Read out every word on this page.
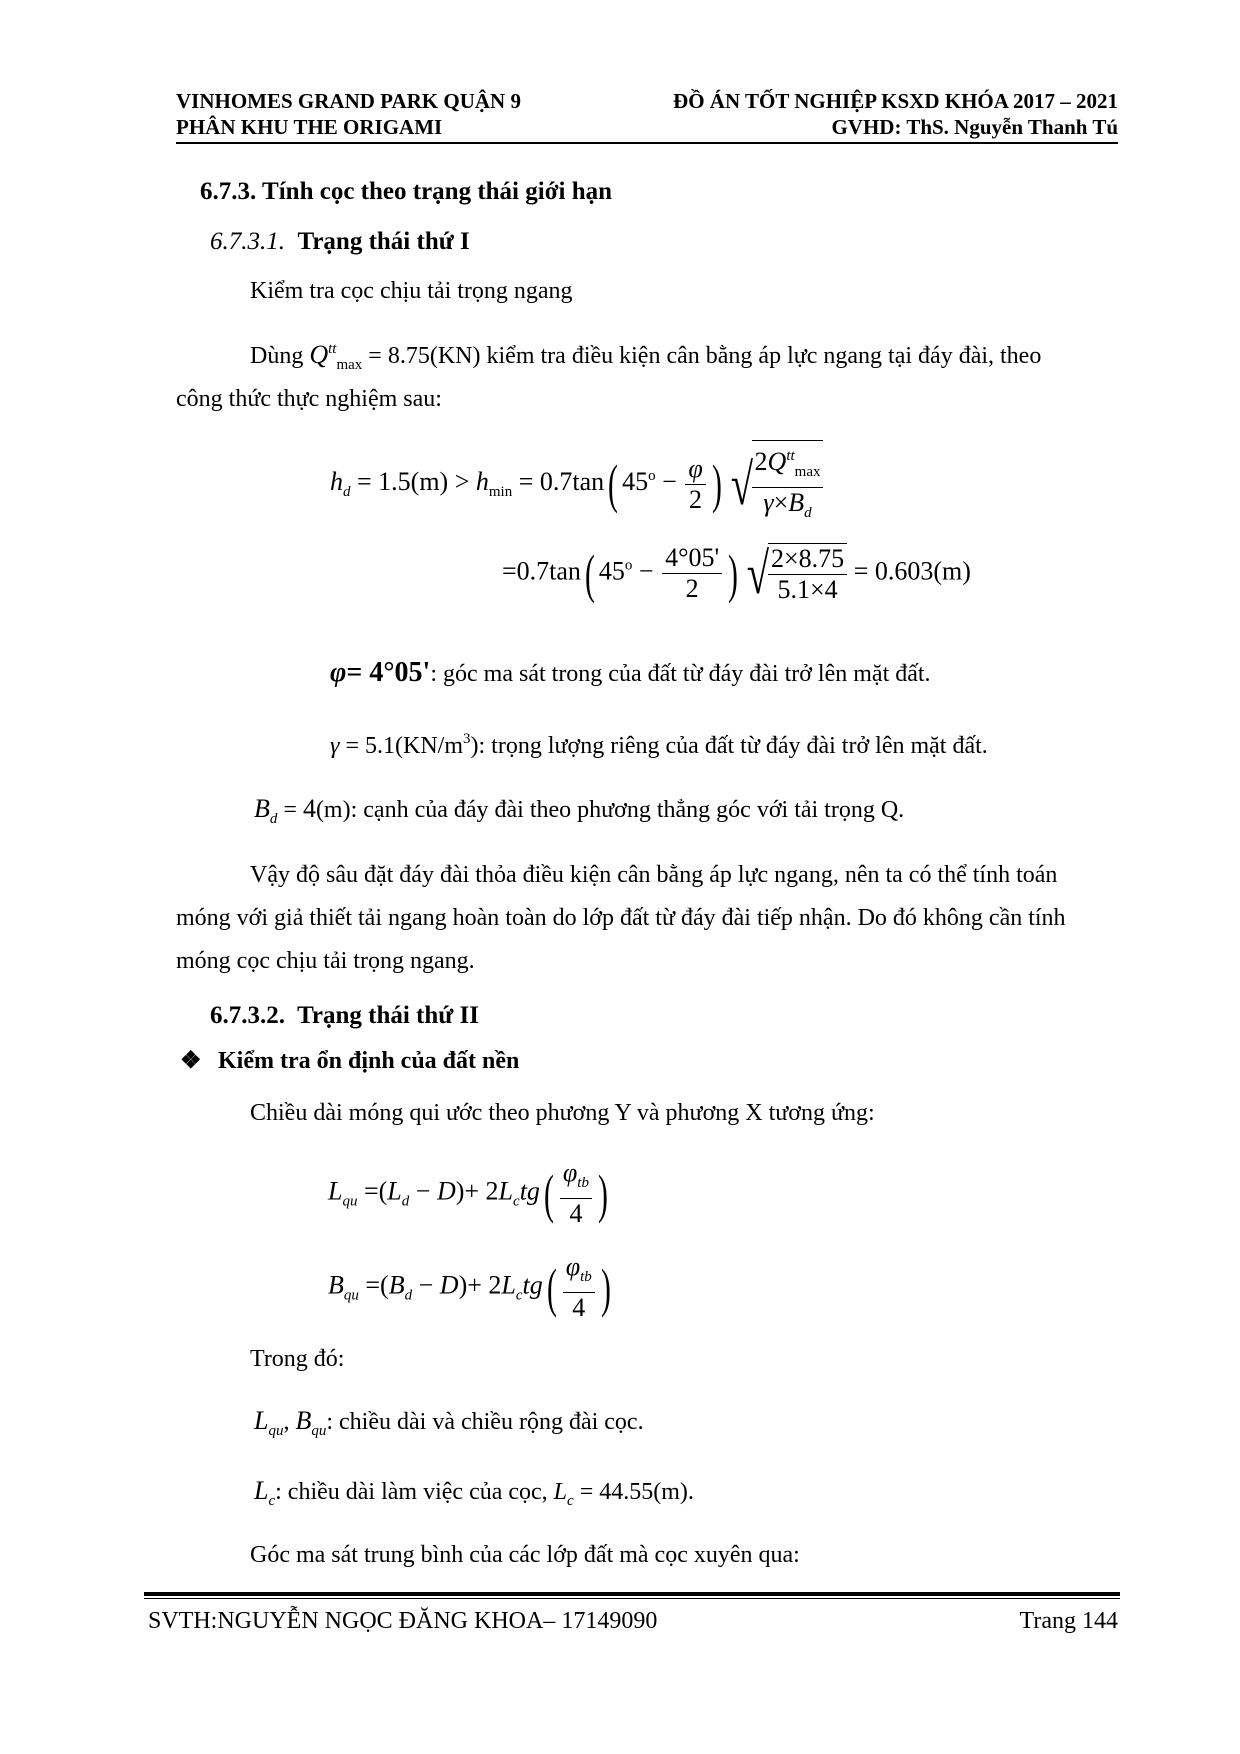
VINHOMES GRAND PARK QUẬN 9
PHÂN KHU THE ORIGAMI
ĐỒ ÁN TỐT NGHIỆP KSXD KHÓA 2017 – 2021
GVHD: ThS. Nguyễn Thanh Tú
6.7.3. Tính cọc theo trạng thái giới hạn
6.7.3.1. Trạng thái thứ I
Kiểm tra cọc chịu tải trọng ngang
Dùng $Q^{tt}_{max} = 8.75(KN)$ kiểm tra điều kiện cân bằng áp lực ngang tại đáy đài, theo
công thức thực nghiệm sau:
$h_d = 1.5(m) > h_{min} = 0.7\tan$( $45^o - \frac{\varphi}{2}$ ) √
$\frac{2Q^{tt}_{max}}{\gamma\times B_d}$
=0.7tan( $45^o - \frac{4^\circ 05'}{2}$ ) √
$\frac{2\times 8.75}{5.1\times 4} = 0.603(m)$
φ= 4°05': góc ma sát trong của đất từ đáy đài trở lên mặt đất.
$\gamma = 5.1(KN/m^3)$: trọng lượng riêng của đất từ đáy đài trở lên mặt đất.
$B_d = 4(m)$: cạnh của đáy đài theo phương thẳng góc với tải trọng Q.
Vậy độ sâu đặt đáy đài thỏa điều kiện cân bằng áp lực ngang, nên ta có thể tính toán
móng với giả thiết tải ngang hoàn toàn do lớp đất từ đáy đài tiếp nhận. Do đó không cần tính
móng cọc chịu tải trọng ngang.
6.7.3.2. Trạng thái thứ II
❖ Kiểm tra ổn định của đất nền
Chiều dài móng qui ước theo phương Y và phương X tương ứng:
$L_{qu} =(L_d - D)+ 2L_ctg( \frac{\varphi_{tb}}{4}$ )
$B_{qu} =(B_d - D)+ 2L_ctg( \frac{\varphi_{tb}}{4}$ )
Trong đó:
$L_{qu}$, $B_{qu}$: chiều dài và chiều rộng đài cọc.
$L_c$: chiều dài làm việc của cọc, $L_c = 44.55(m)$.
Góc ma sát trung bình của các lớp đất mà cọc xuyên qua:
SVTH:NGUYỄN NGỌC ĐĂNG KHOA– 17149090	Trang 144
